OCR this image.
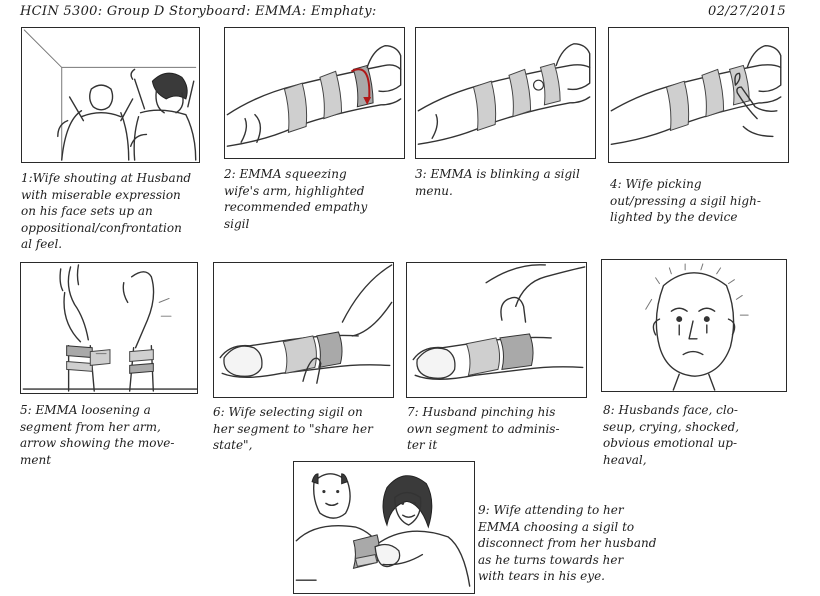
HCIN 5300: Group D Storyboard: EMMA: Emphaty:	02/27/2015
1:Wife shouting at Husband
with miserable expression
on his face sets up an
oppositional/confrontation
al feel.
2: EMMA squeezing
wife's arm, highlighted
recommended empathy
sigil
3: EMMA is blinking a sigil
menu.	4: Wife picking
out/pressing a sigil high-
lighted by the device
5: EMMA loosening a
segment from her arm,
arrow showing the move-
ment
6: Wife selecting sigil on
her segment to "share her
state",
7: Husband pinching his
own segment to adminis-
ter it
8: Husbands face, clo-
seup, crying, shocked,
obvious emotional up-
heaval,
9: Wife attending to her
EMMA choosing a sigil to
disconnect from her husband
as he turns towards her
with tears in his eye.
